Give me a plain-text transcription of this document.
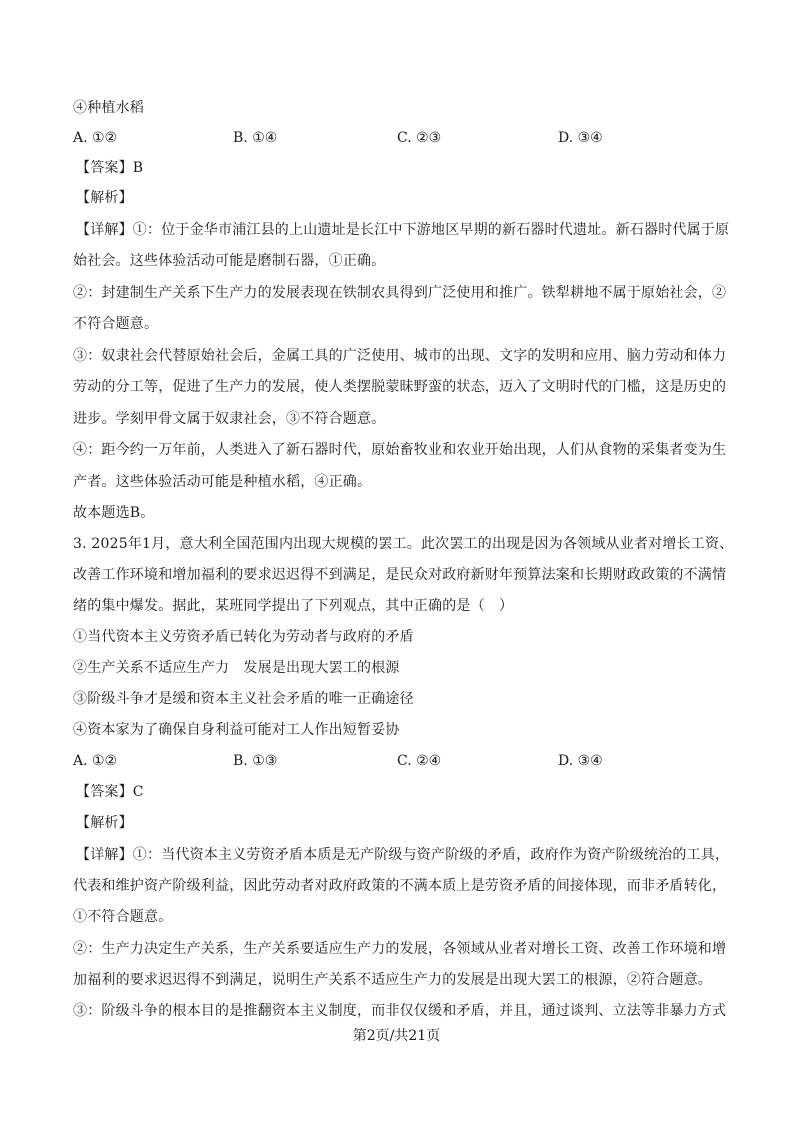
④种植水稻
A. ①②	B. ①④	C. ②③	D. ③④
【答案】B
【解析】
【详解】①：位于金华市浦江县的上山遗址是长江中下游地区早期的新石器时代遗址。新石器时代属于原
始社会。这些体验活动可能是磨制石器，①正确。
②：封建制生产关系下生产力的发展表现在铁制农具得到广泛使用和推广。铁犁耕地不属于原始社会，②
不符合题意。
③：奴隶社会代替原始社会后，金属工具的广泛使用、城市的出现、文字的发明和应用、脑力劳动和体力
劳动的分工等，促进了生产力的发展，使人类摆脱蒙昧野蛮的状态，迈入了文明时代的门槛，这是历史的
进步。学刻甲骨文属于奴隶社会，③不符合题意。
④：距今约一万年前，人类进入了新石器时代，原始畜牧业和农业开始出现，人们从食物的采集者变为生
产者。这些体验活动可能是种植水稻，④正确。
故本题选B。
3. 2025年1月，意大利全国范围内出现大规模的罢工。此次罢工的出现是因为各领域从业者对增长工资、
改善工作环境和增加福利的要求迟迟得不到满足，是民众对政府新财年预算法案和长期财政政策的不满情
绪的集中爆发。据此，某班同学提出了下列观点，其中正确的是（　）
①当代资本主义劳资矛盾已转化为劳动者与政府的矛盾
②生产关系不适应生产力　发展是出现大罢工的根源
③阶级斗争才是缓和资本主义社会矛盾的唯一正确途径
④资本家为了确保自身利益可能对工人作出短暂妥协
A. ①②	B. ①③	C. ②④	D. ③④
【答案】C
【解析】
【详解】①：当代资本主义劳资矛盾本质是无产阶级与资产阶级的矛盾，政府作为资产阶级统治的工具，
代表和维护资产阶级利益，因此劳动者对政府政策的不满本质上是劳资矛盾的间接体现，而非矛盾转化，
①不符合题意。
②：生产力决定生产关系，生产关系要适应生产力的发展，各领域从业者对增长工资、改善工作环境和增
加福利的要求迟迟得不到满足，说明生产关系不适应生产力的发展是出现大罢工的根源，②符合题意。
③：阶级斗争的根本目的是推翻资本主义制度，而非仅仅缓和矛盾，并且，通过谈判、立法等非暴力方式
第2页/共21页
